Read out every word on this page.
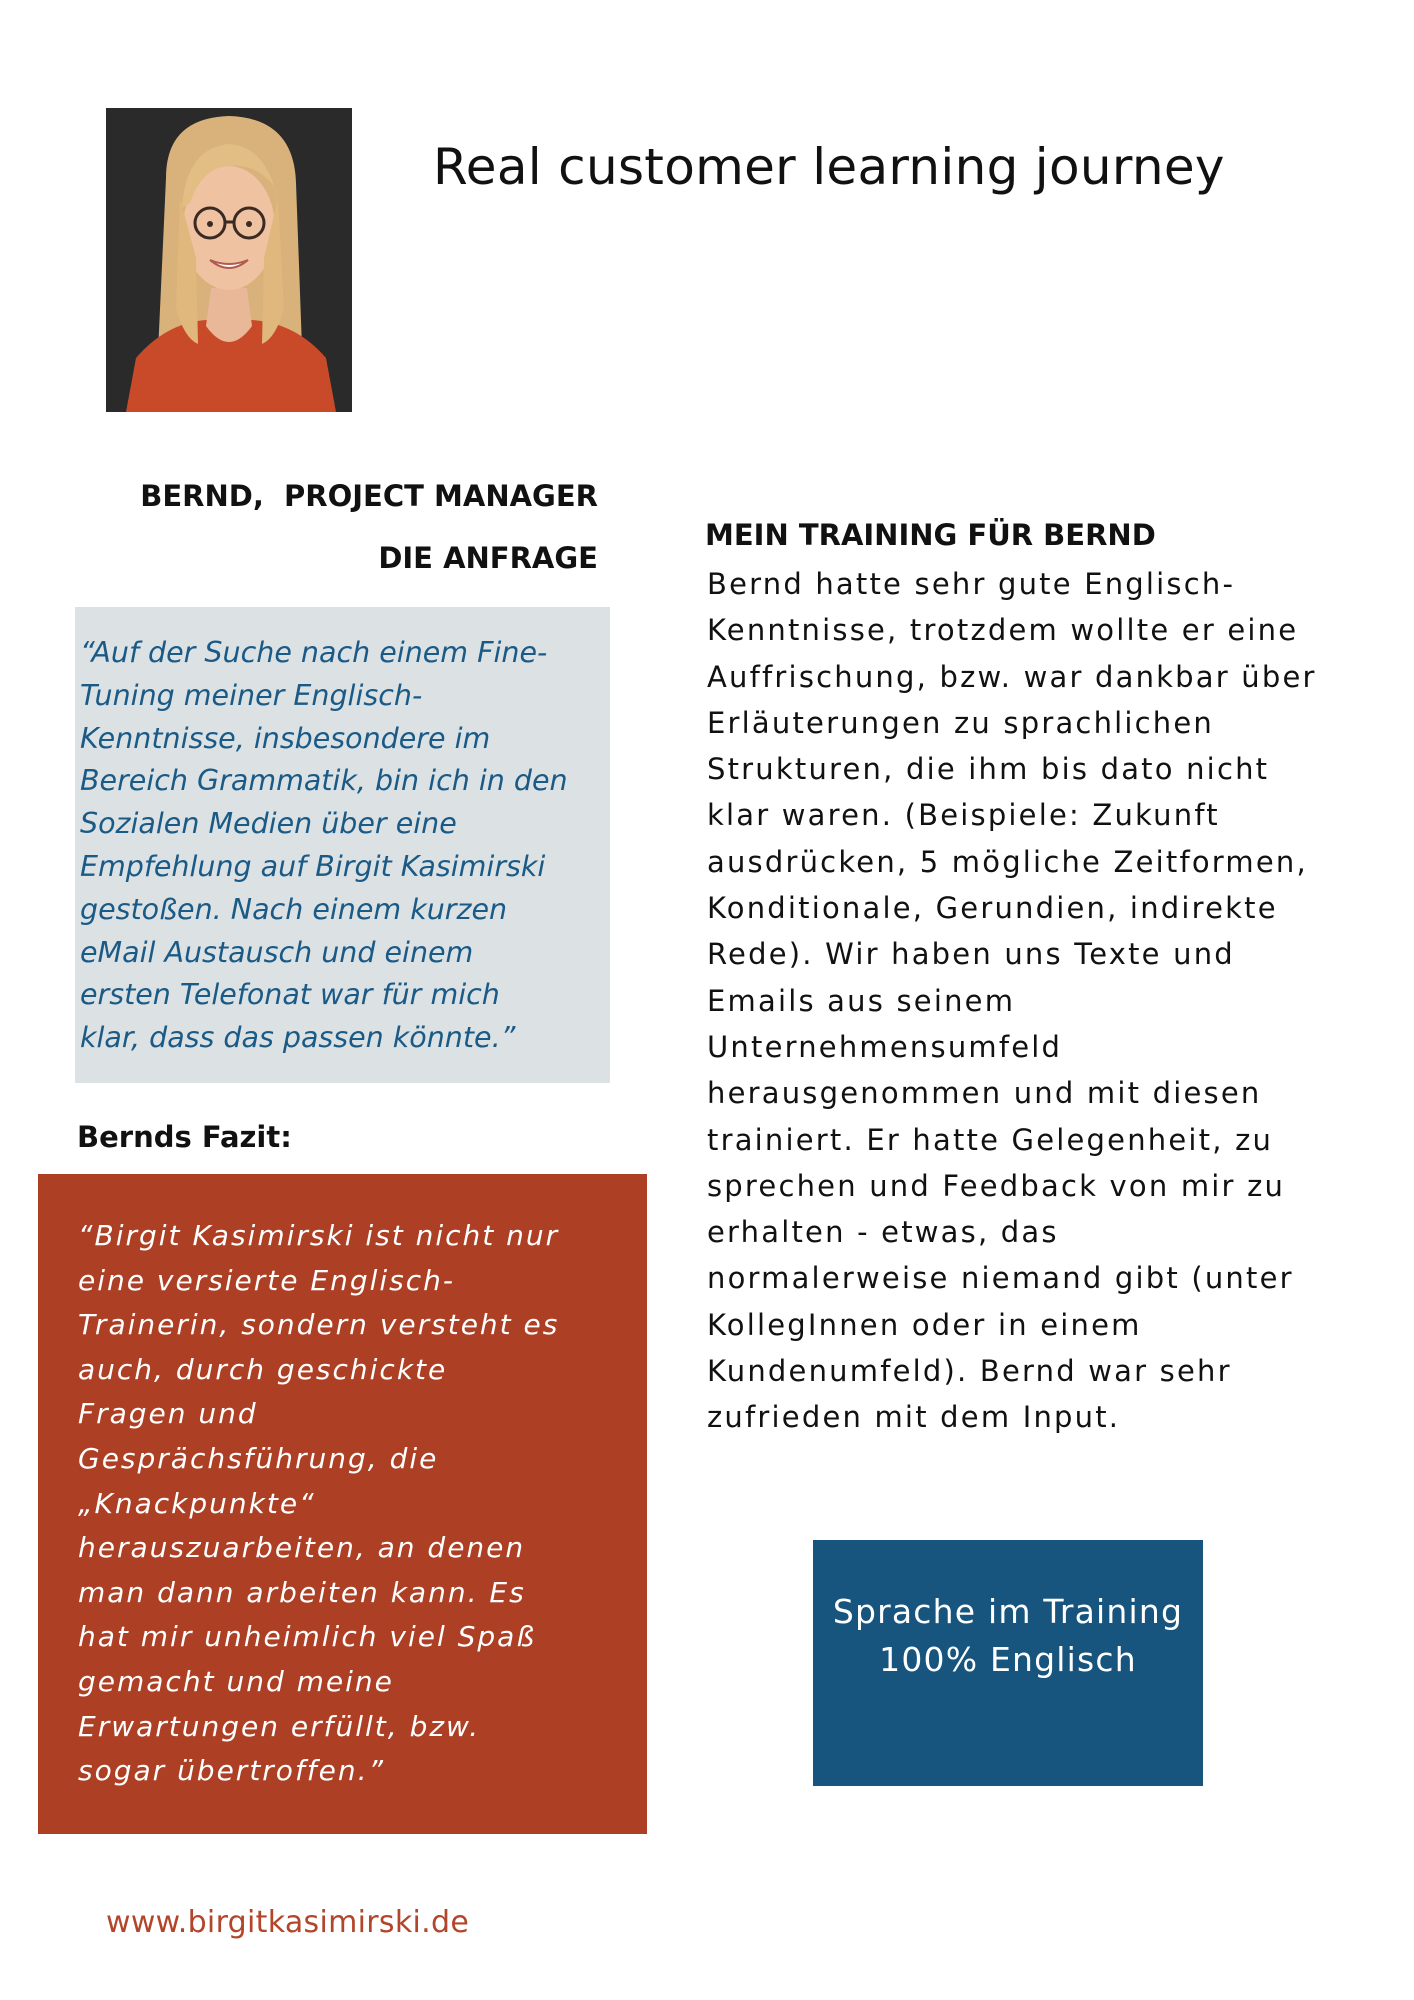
Real customer learning journey
BERND,  PROJECT MANAGER
DIE ANFRAGE
“Auf der Suche nach einem Fine-
Tuning meiner Englisch-
Kenntnisse, insbesondere im
Bereich Grammatik, bin ich in den
Sozialen Medien über eine
Empfehlung auf Birgit Kasimirski
gestoßen. Nach einem kurzen
eMail Austausch und einem
ersten Telefonat war für mich
klar, dass das passen könnte.”
Bernds Fazit:
“Birgit Kasimirski ist nicht nur
eine versierte Englisch-
Trainerin, sondern versteht es
auch, durch geschickte
Fragen und
Gesprächsführung, die
„Knackpunkte“
herauszuarbeiten, an denen
man dann arbeiten kann. Es
hat mir unheimlich viel Spaß
gemacht und meine
Erwartungen erfüllt, bzw.
sogar übertroffen.”
MEIN TRAINING FÜR BERND
Bernd hatte sehr gute Englisch-
Kenntnisse, trotzdem wollte er eine
Auffrischung, bzw. war dankbar über
Erläuterungen zu sprachlichen
Strukturen, die ihm bis dato nicht
klar waren. (Beispiele: Zukunft
ausdrücken, 5 mögliche Zeitformen,
Konditionale, Gerundien, indirekte
Rede). Wir haben uns Texte und
Emails aus seinem
Unternehmensumfeld
herausgenommen und mit diesen
trainiert. Er hatte Gelegenheit, zu
sprechen und Feedback von mir zu
erhalten - etwas, das
normalerweise niemand gibt (unter
KollegInnen oder in einem
Kundenumfeld). Bernd war sehr
zufrieden mit dem Input.
Sprache im Training
100% Englisch
www.birgitkasimirski.de
